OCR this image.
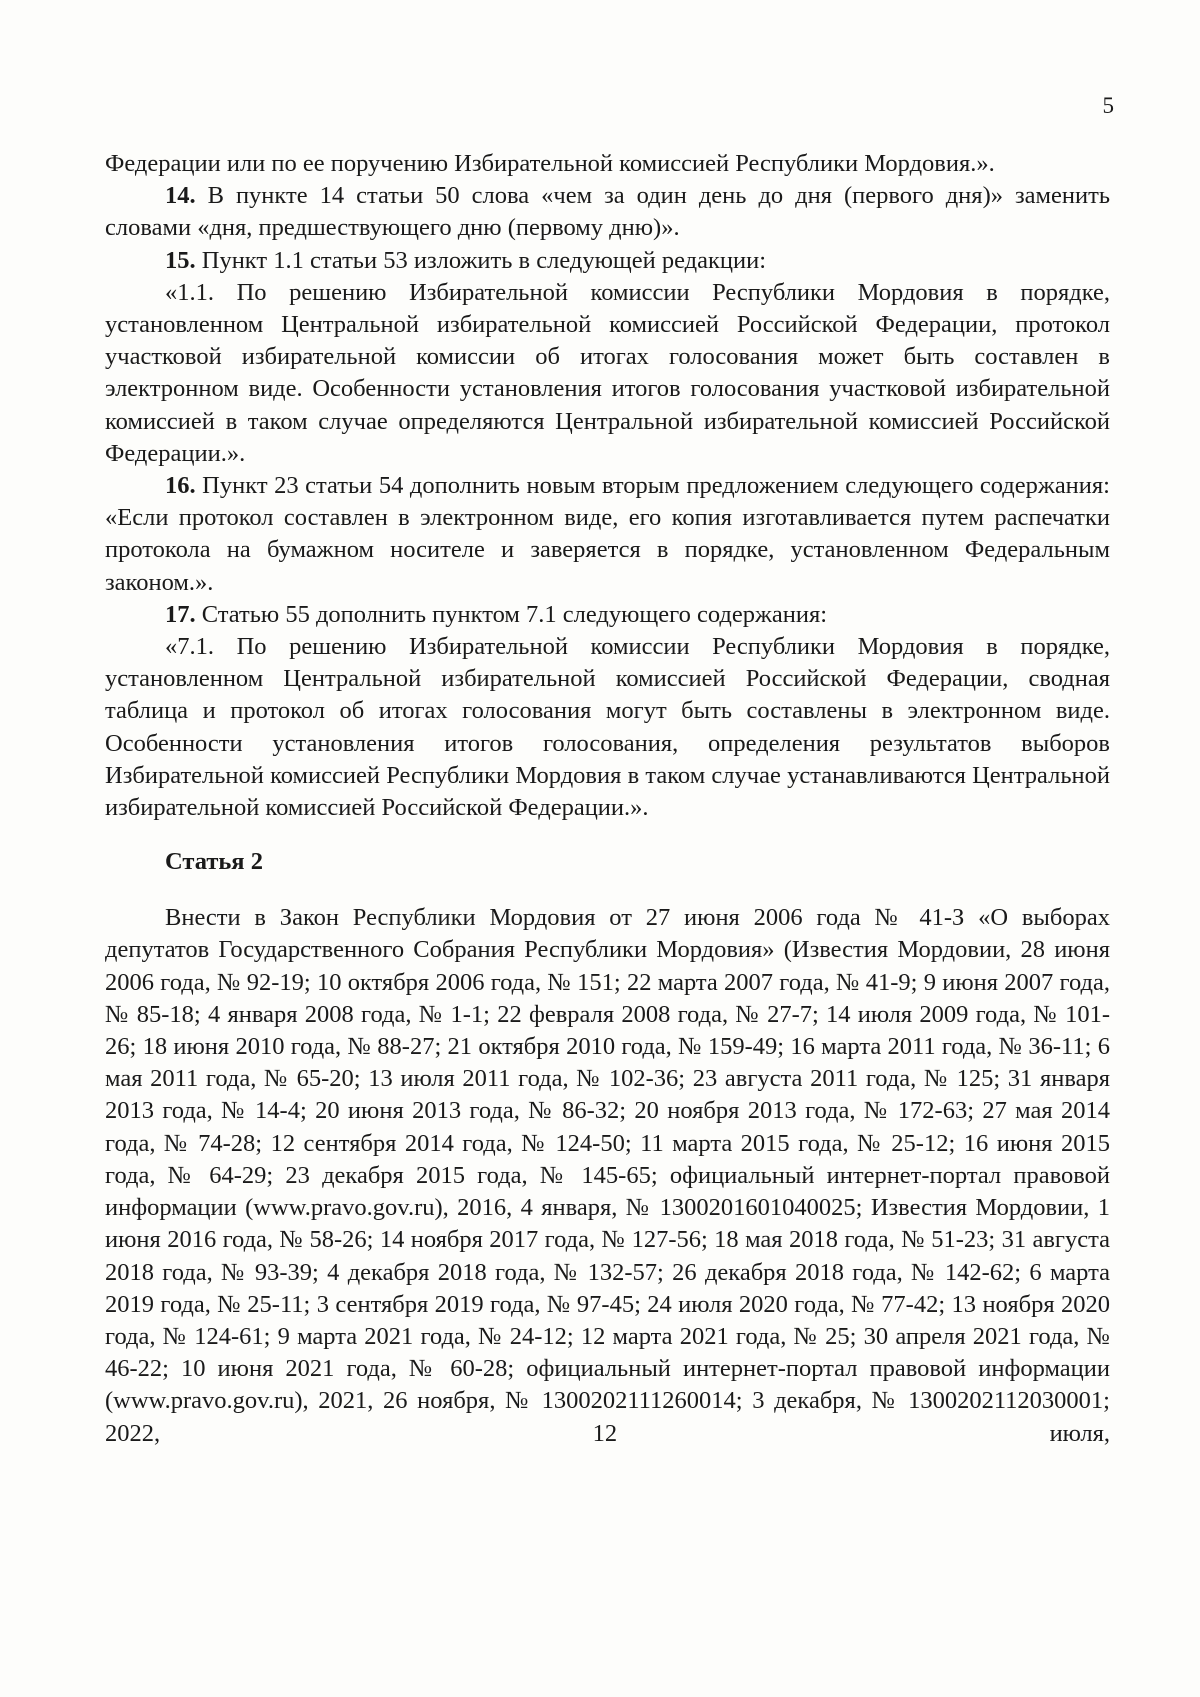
5

Федерации или по ее поручению Избирательной комиссией Республики Мордовия.».

14. В пункте 14 статьи 50 слова «чем за один день до дня (первого дня)» заменить словами «дня, предшествующего дню (первому дню)».

15. Пункт 1.1 статьи 53 изложить в следующей редакции:

«1.1. По решению Избирательной комиссии Республики Мордовия в порядке, установленном Центральной избирательной комиссией Российской Федерации, протокол участковой избирательной комиссии об итогах голосования может быть составлен в электронном виде. Особенности установления итогов голосования участковой избирательной комиссией в таком случае определяются Центральной избирательной комиссией Российской Федерации.».

16. Пункт 23 статьи 54 дополнить новым вторым предложением следующего содержания: «Если протокол составлен в электронном виде, его копия изготавливается путем распечатки протокола на бумажном носителе и заверяется в порядке, установленном Федеральным законом.».

17. Статью 55 дополнить пунктом 7.1 следующего содержания:

«7.1. По решению Избирательной комиссии Республики Мордовия в порядке, установленном Центральной избирательной комиссией Российской Федерации, сводная таблица и протокол об итогах голосования могут быть составлены в электронном виде. Особенности установления итогов голосования, определения результатов выборов Избирательной комиссией Республики Мордовия в таком случае устанавливаются Центральной избирательной комиссией Российской Федерации.».

Статья 2

Внести в Закон Республики Мордовия от 27 июня 2006 года № 41-З «О выборах депутатов Государственного Собрания Республики Мордовия» (Известия Мордовии, 28 июня 2006 года, № 92-19; 10 октября 2006 года, № 151; 22 марта 2007 года, № 41-9; 9 июня 2007 года, № 85-18; 4 января 2008 года, № 1-1; 22 февраля 2008 года, № 27-7; 14 июля 2009 года, № 101-26; 18 июня 2010 года, № 88-27; 21 октября 2010 года, № 159-49; 16 марта 2011 года, № 36-11; 6 мая 2011 года, № 65-20; 13 июля 2011 года, № 102-36; 23 августа 2011 года, № 125; 31 января 2013 года, № 14-4; 20 июня 2013 года, № 86-32; 20 ноября 2013 года, № 172-63; 27 мая 2014 года, № 74-28; 12 сентября 2014 года, № 124-50; 11 марта 2015 года, № 25-12; 16 июня 2015 года, № 64-29; 23 декабря 2015 года, № 145-65; официальный интернет-портал правовой информации (www.pravo.gov.ru), 2016, 4 января, № 1300201601040025; Известия Мордовии, 1 июня 2016 года, № 58-26; 14 ноября 2017 года, № 127-56; 18 мая 2018 года, № 51-23; 31 августа 2018 года, № 93-39; 4 декабря 2018 года, № 132-57; 26 декабря 2018 года, № 142-62; 6 марта 2019 года, № 25-11; 3 сентября 2019 года, № 97-45; 24 июля 2020 года, № 77-42; 13 ноября 2020 года, № 124-61; 9 марта 2021 года, № 24-12; 12 марта 2021 года, № 25; 30 апреля 2021 года, № 46-22; 10 июня 2021 года, № 60-28; официальный интернет-портал правовой информации (www.pravo.gov.ru), 2021, 26 ноября, № 1300202111260014; 3 декабря, № 1300202112030001; 2022, 12 июля,
